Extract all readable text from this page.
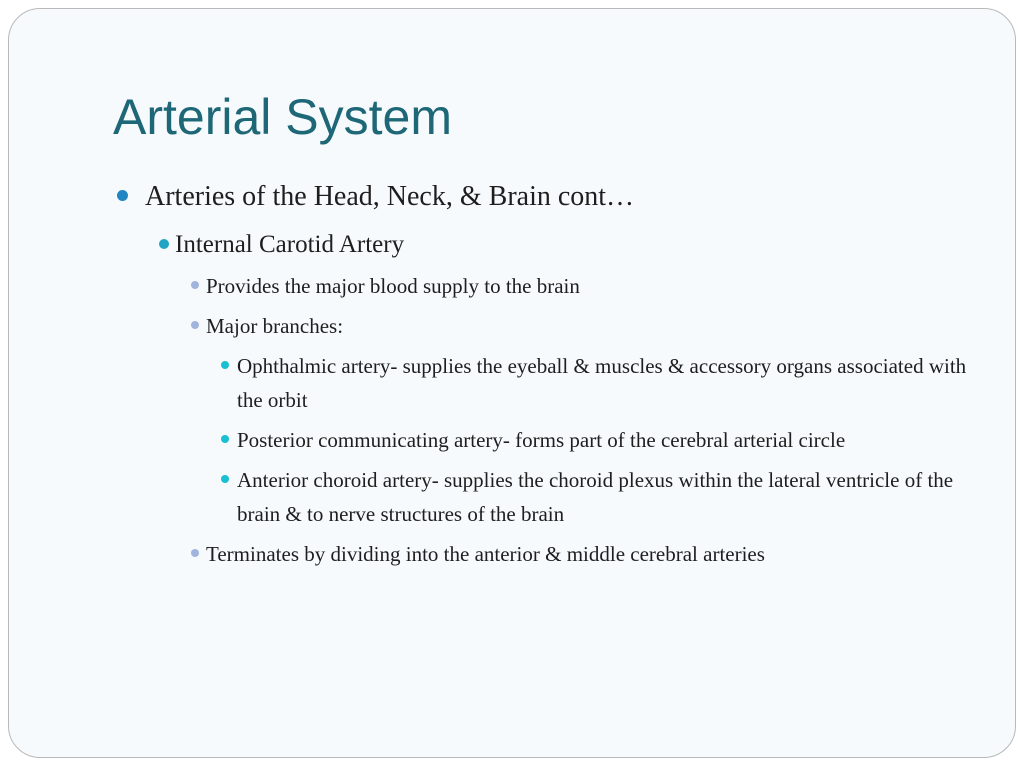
Arterial System

Arteries of the Head, Neck, & Brain cont…

Internal Carotid Artery

Provides the major blood supply to the brain

Major branches:

Ophthalmic artery- supplies the eyeball & muscles & accessory organs associated with the orbit

Posterior communicating artery- forms part of the cerebral arterial circle

Anterior choroid artery- supplies the choroid plexus within the lateral ventricle of the brain & to nerve structures of the brain

Terminates by dividing into the anterior & middle cerebral arteries
